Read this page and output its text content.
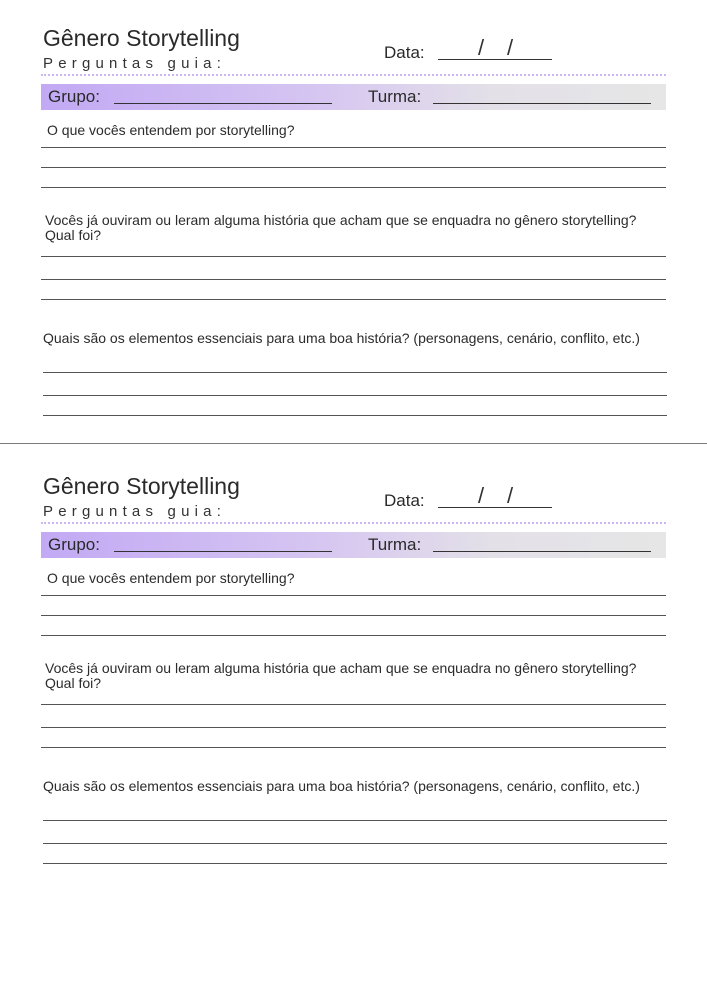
Gênero Storytelling
Perguntas guia:
Data: / /
Grupo:	Turma:
O que vocês entendem por storytelling?
Vocês já ouviram ou leram alguma história que acham que se enquadra no gênero storytelling? Qual foi?
Quais são os elementos essenciais para uma boa história? (personagens, cenário, conflito, etc.)
Gênero Storytelling
Perguntas guia:
Data: / /
Grupo:	Turma:
O que vocês entendem por storytelling?
Vocês já ouviram ou leram alguma história que acham que se enquadra no gênero storytelling? Qual foi?
Quais são os elementos essenciais para uma boa história? (personagens, cenário, conflito, etc.)
